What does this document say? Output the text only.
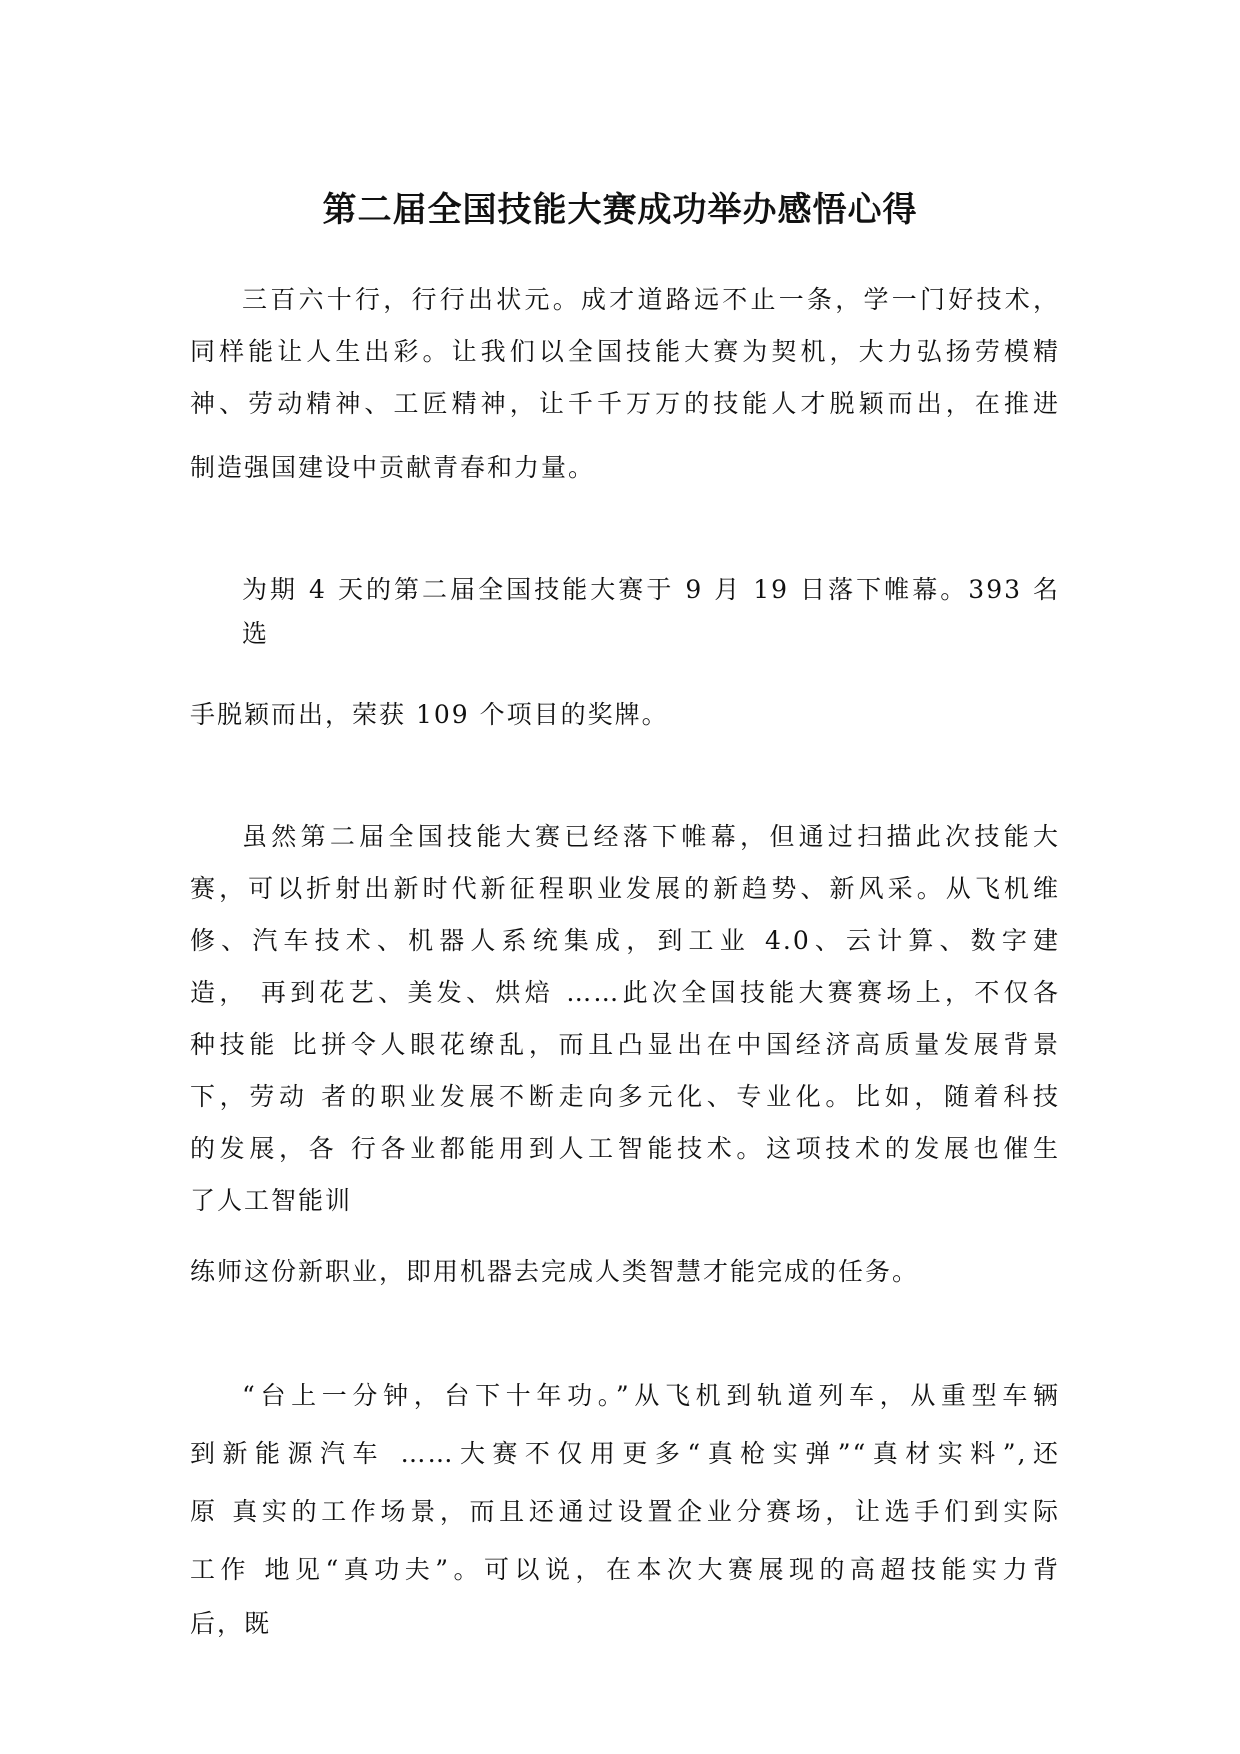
第二届全国技能大赛成功举办感悟心得
三百六十行，行行出状元。成才道路远不止一条，学一门好技术，
同样能让人生出彩。让我们以全国技能大赛为契机，大力弘扬劳模精
神、劳动精神、工匠精神，让千千万万的技能人才脱颖而出，在推进
制造强国建设中贡献青春和力量。
为期 4 天的第二届全国技能大赛于 9 月 19 日落下帷幕。393 名
选
手脱颖而出，荣获 109 个项目的奖牌。
虽然第二届全国技能大赛已经落下帷幕，但通过扫描此次技能大
赛，可以折射出新时代新征程职业发展的新趋势、新风采。从飞机维
修、汽车技术、机器人系统集成，到工业 4.0、云计算、数字建
造， 再到花艺、美发、烘焙 ……此次全国技能大赛赛场上，不仅各
种技能 比拼令人眼花缭乱，而且凸显出在中国经济高质量发展背景
下，劳动 者的职业发展不断走向多元化、专业化。比如，随着科技
的发展，各 行各业都能用到人工智能技术。这项技术的发展也催生
了人工智能训
练师这份新职业，即用机器去完成人类智慧才能完成的任务。
“台上一分钟，台下十年功。”从飞机到轨道列车，从重型车辆
到新能源汽车 ……大赛不仅用更多“真枪实弹”“真材实料”,还
原 真实的工作场景，而且还通过设置企业分赛场，让选手们到实际
工作 地见“真功夫”。可以说，在本次大赛展现的高超技能实力背
后，既
